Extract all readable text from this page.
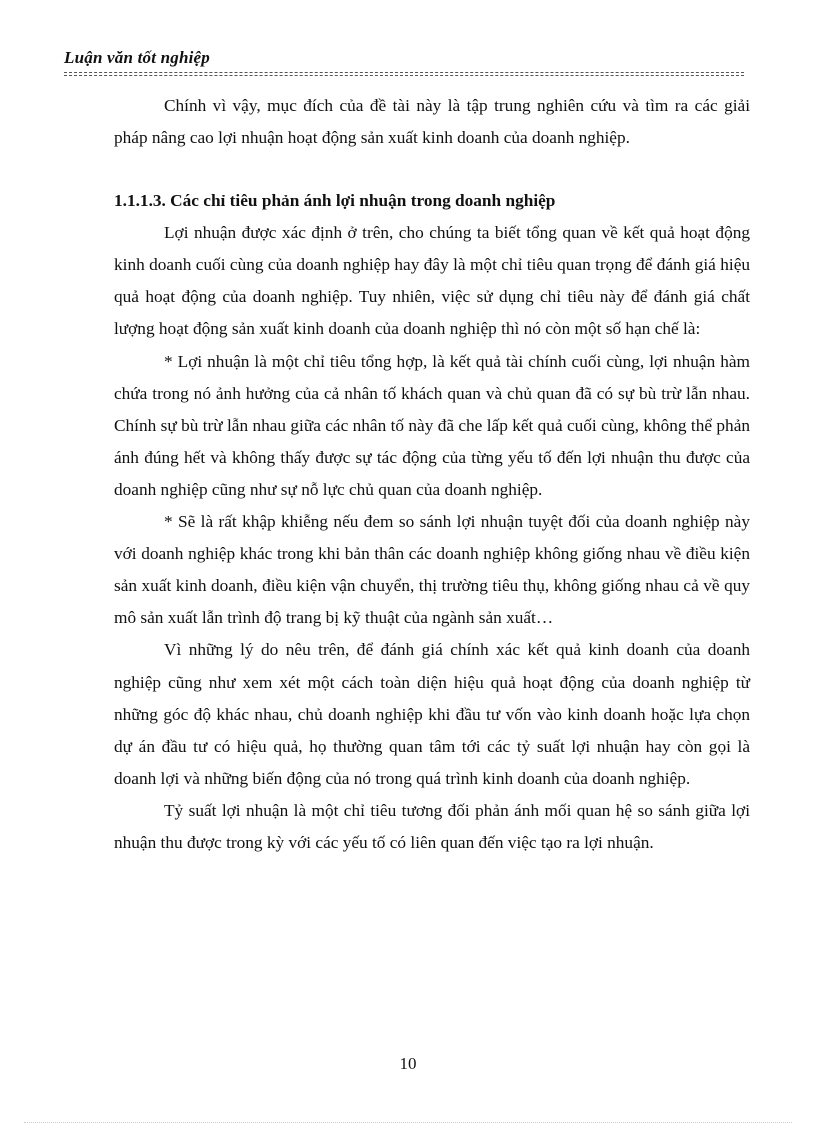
Luận văn tốt nghiệp

Chính vì vậy, mục đích của đề tài này là tập trung nghiên cứu và tìm ra các giải pháp nâng cao lợi nhuận hoạt động sản xuất kinh doanh của doanh nghiệp.

1.1.1.3. Các chỉ tiêu phản ánh lợi nhuận trong doanh nghiệp

Lợi nhuận được xác định ở trên, cho chúng ta biết tổng quan về kết quả hoạt động kinh doanh cuối cùng của doanh nghiệp hay đây là một chỉ tiêu quan trọng để đánh giá hiệu quả hoạt động của doanh nghiệp. Tuy nhiên, việc sử dụng chỉ tiêu này để đánh giá chất lượng hoạt động sản xuất kinh doanh của doanh nghiệp thì nó còn một số hạn chế là:

* Lợi nhuận là một chỉ tiêu tổng hợp, là kết quả tài chính cuối cùng, lợi nhuận hàm chứa trong nó ảnh hưởng của cả nhân tố khách quan và chủ quan đã có sự bù trừ lẫn nhau. Chính sự bù trừ lẫn nhau giữa các nhân tố này đã che lấp kết quả cuối cùng, không thể phản ánh đúng hết và không thấy được sự tác động của từng yếu tố đến lợi nhuận thu được của doanh nghiệp cũng như sự nỗ lực chủ quan của doanh nghiệp.

* Sẽ là rất khập khiễng nếu đem so sánh lợi nhuận tuyệt đối của doanh nghiệp này với doanh nghiệp khác trong khi bản thân các doanh nghiệp không giống nhau về điều kiện sản xuất kinh doanh, điều kiện vận chuyển, thị trường tiêu thụ, không giống nhau cả về quy mô sản xuất lẫn trình độ trang bị kỹ thuật của ngành sản xuất…

Vì những lý do nêu trên, để đánh giá chính xác kết quả kinh doanh của doanh nghiệp cũng như xem xét một cách toàn diện hiệu quả hoạt động của doanh nghiệp từ những góc độ khác nhau, chủ doanh nghiệp khi đầu tư vốn vào kinh doanh hoặc lựa chọn dự án đầu tư có hiệu quả, họ thường quan tâm tới các tỷ suất lợi nhuận hay còn gọi là doanh lợi và những biến động của nó trong quá trình kinh doanh của doanh nghiệp.

Tỷ suất lợi nhuận là một chỉ tiêu tương đối phản ánh mối quan hệ so sánh giữa lợi nhuận thu được trong kỳ với các yếu tố có liên quan đến việc tạo ra lợi nhuận.

10
